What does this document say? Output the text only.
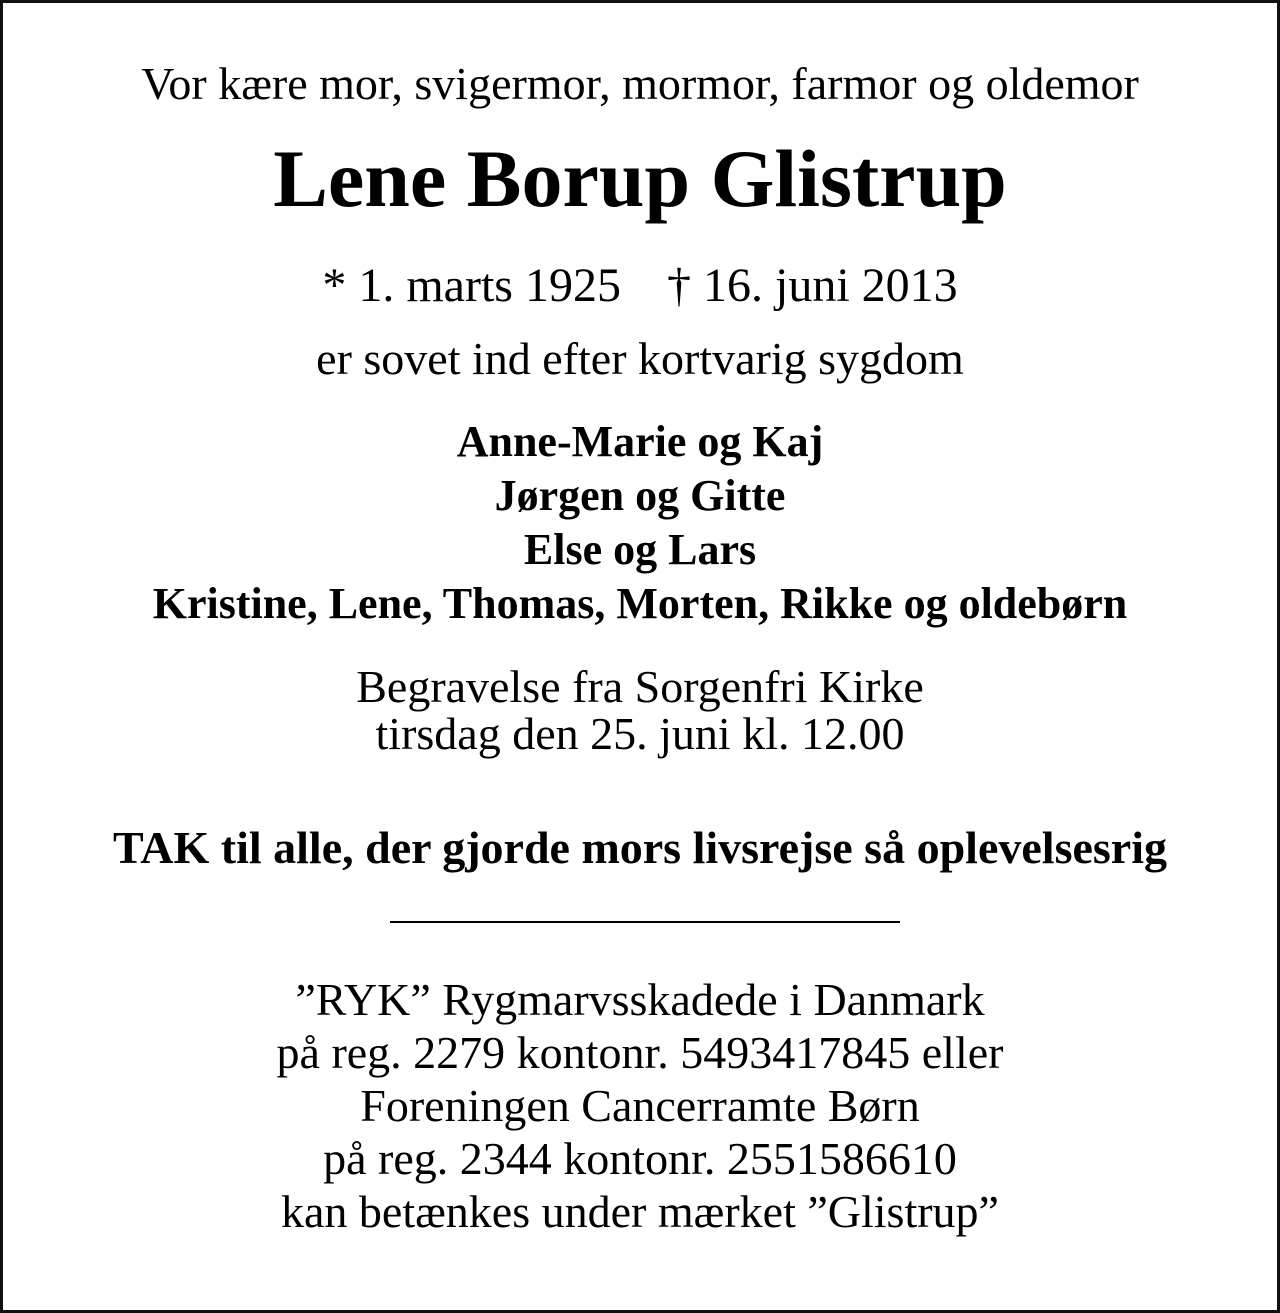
Vor kære mor, svigermor, mormor, farmor og oldemor
Lene Borup Glistrup
* 1. marts 1925 † 16. juni 2013
er sovet ind efter kortvarig sygdom
Anne-Marie og Kaj
Jørgen og Gitte
Else og Lars
Kristine, Lene, Thomas, Morten, Rikke og oldebørn
Begravelse fra Sorgenfri Kirke
tirsdag den 25. juni kl. 12.00
TAK til alle, der gjorde mors livsrejse så oplevelsesrig
”RYK” Rygmarvsskadede i Danmark
på reg. 2279 kontonr. 5493417845 eller
Foreningen Cancerramte Børn
på reg. 2344 kontonr. 2551586610
kan betænkes under mærket ”Glistrup”
